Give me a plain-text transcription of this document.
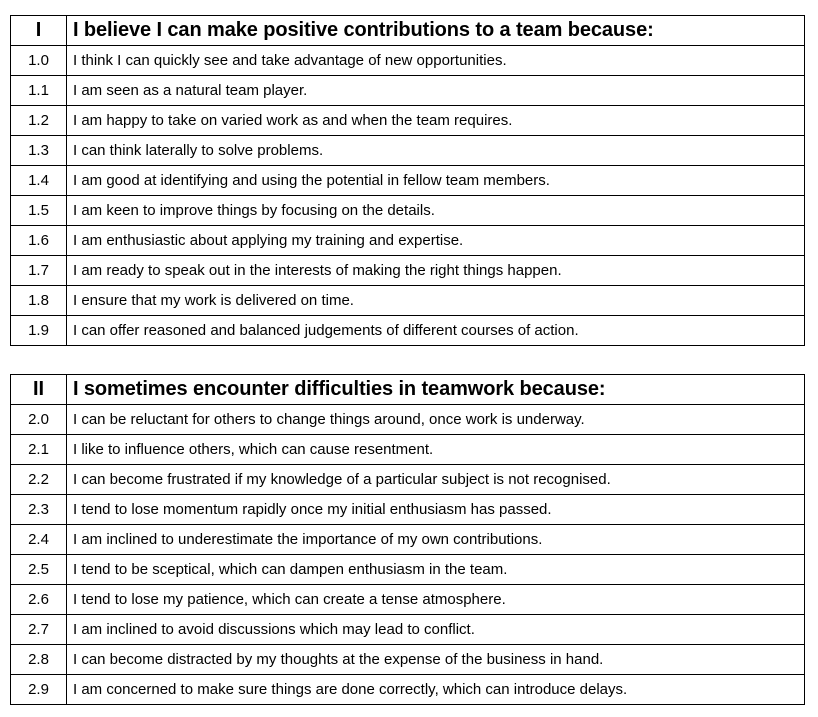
I	I believe I can make positive contributions to a team because:
1.0	I think I can quickly see and take advantage of new opportunities.
1.1	I am seen as a natural team player.
1.2	I am happy to take on varied work as and when the team requires.
1.3	I can think laterally to solve problems.
1.4	I am good at identifying and using the potential in fellow team members.
1.5	I am keen to improve things by focusing on the details.
1.6	I am enthusiastic about applying my training and expertise.
1.7	I am ready to speak out in the interests of making the right things happen.
1.8	I ensure that my work is delivered on time.
1.9	I can offer reasoned and balanced judgements of different courses of action.
II	I sometimes encounter difficulties in teamwork because:
2.0	I can be reluctant for others to change things around, once work is underway.
2.1	I like to influence others, which can cause resentment.
2.2	I can become frustrated if my knowledge of a particular subject is not recognised.
2.3	I tend to lose momentum rapidly once my initial enthusiasm has passed.
2.4	I am inclined to underestimate the importance of my own contributions.
2.5	I tend to be sceptical, which can dampen enthusiasm in the team.
2.6	I tend to lose my patience, which can create a tense atmosphere.
2.7	I am inclined to avoid discussions which may lead to conflict.
2.8	I can become distracted by my thoughts at the expense of the business in hand.
2.9	I am concerned to make sure things are done correctly, which can introduce delays.
